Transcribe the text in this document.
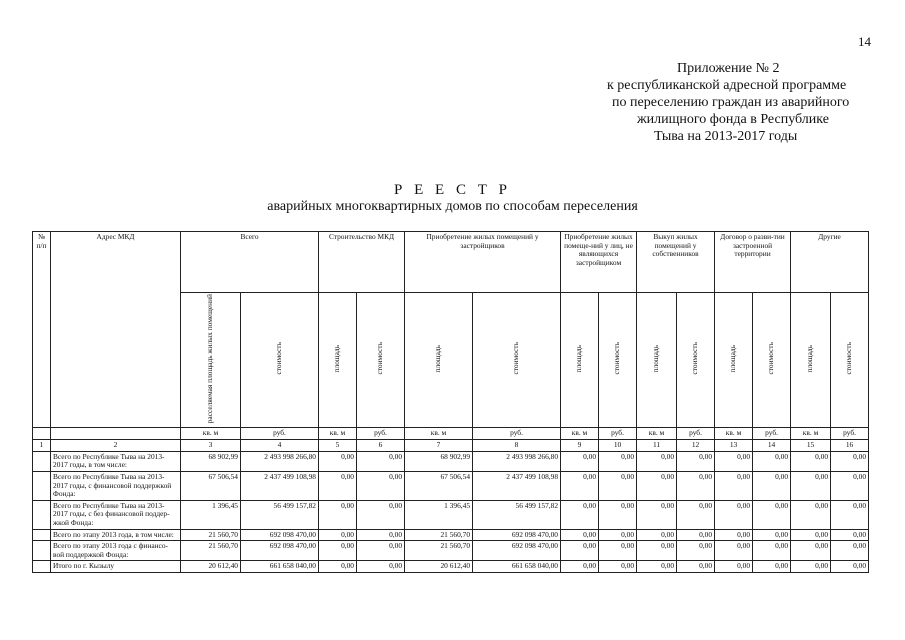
14
Приложение № 2
к республиканской адресной программе
по переселению граждан из аварийного
жилищного фонда в Республике
Тыва на 2013-2017 годы
Р Е Е С Т Р
аварийных многоквартирных домов по способам переселения
№ п/п	Адрес МКД	Всего		Строительство МКД		Приобретение жилых помещений у застройщиков		Приобретение жилых помеще-ний у лиц, не являющихся застройщиком		Выкуп жилых помещений у собственников		Договор о разви-тии застроенной территории		Другие	
		расселяемая площадь жилых помещений	стоимость	площадь	стоимость	площадь	стоимость	площадь	стоимость	площадь	стоимость	площадь	стоимость	площадь	стоимость
		кв. м	руб.	кв. м	руб.	кв. м	руб.	кв. м	руб.	кв. м	руб.	кв. м	руб.	кв. м	руб.
1	2	3	4	5	6	7	8	9	10	11	12	13	14	15	16
	Всего по Республике Тыва на 2013-2017 годы, в том числе:	68 902,99	2 493 998 266,80	0,00	0,00	68 902,99	2 493 998 266,80	0,00	0,00	0,00	0,00	0,00	0,00	0,00	0,00
	Всего по Республике Тыва на 2013-2017 годы, с финансовой поддержкой Фонда:	67 506,54	2 437 499 108,98	0,00	0,00	67 506,54	2 437 499 108,98	0,00	0,00	0,00	0,00	0,00	0,00	0,00	0,00
	Всего по Республике Тыва на 2013-2017 годы, с без финансовой поддер-жкой Фонда:	1 396,45	56 499 157,82	0,00	0,00	1 396,45	56 499 157,82	0,00	0,00	0,00	0,00	0,00	0,00	0,00	0,00
	Всего по этапу 2013 года, в том числе:	21 560,70	692 098 470,00	0,00	0,00	21 560,70	692 098 470,00	0,00	0,00	0,00	0,00	0,00	0,00	0,00	0,00
	Всего по этапу 2013 года с финансо-вой поддержкой Фонда:	21 560,70	692 098 470,00	0,00	0,00	21 560,70	692 098 470,00	0,00	0,00	0,00	0,00	0,00	0,00	0,00	0,00
	Итого по г. Кызылу	20 612,40	661 658 040,00	0,00	0,00	20 612,40	661 658 040,00	0,00	0,00	0,00	0,00	0,00	0,00	0,00	0,00
